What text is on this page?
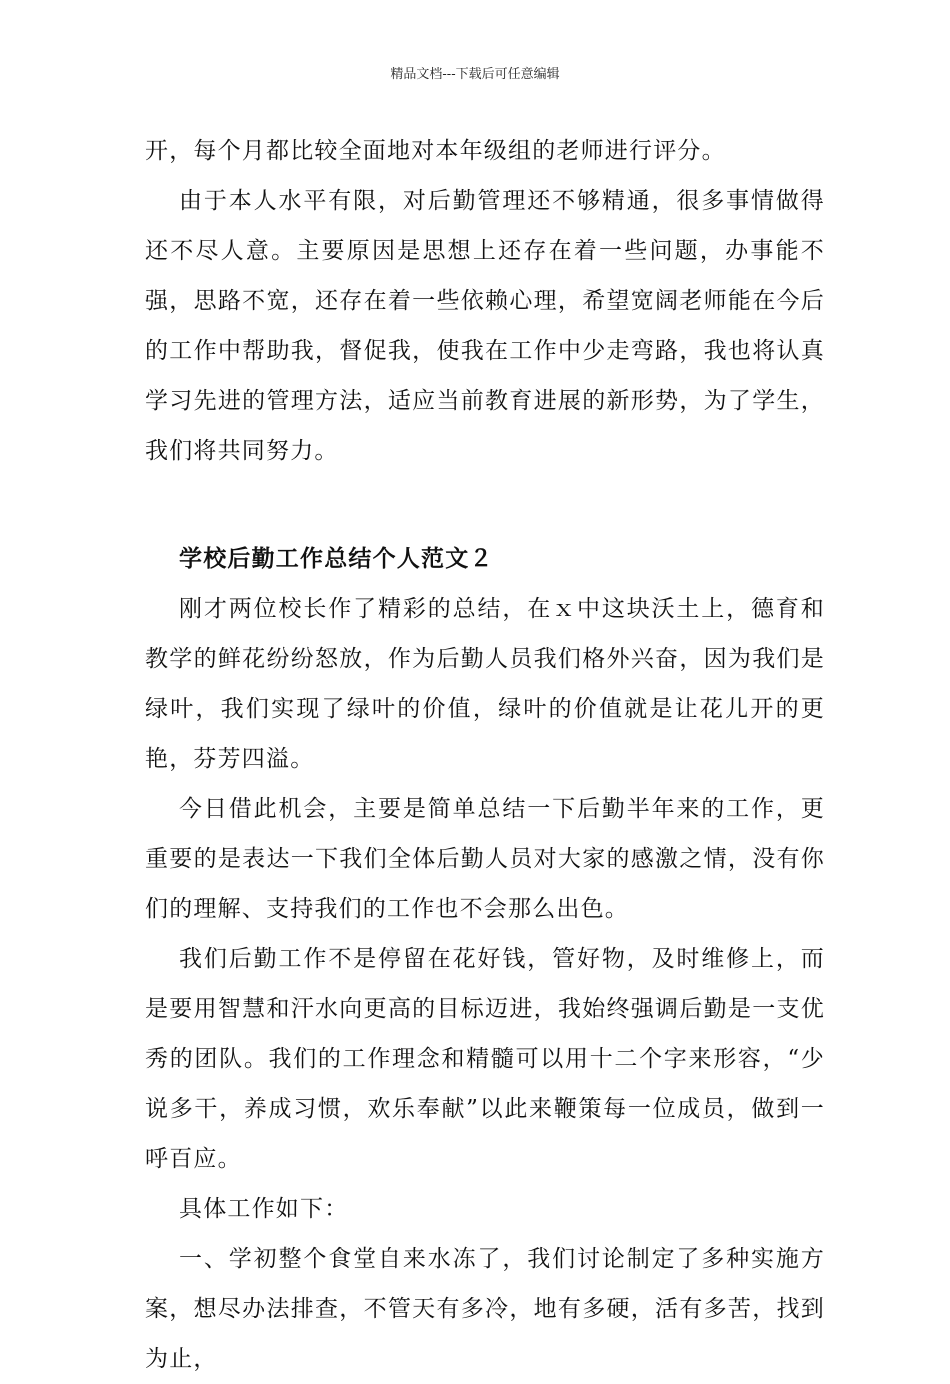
精品文档---下载后可任意编辑

开，每个月都比较全面地对本年级组的老师进行评分。

由于本人水平有限，对后勤管理还不够精通，很多事情做得还不尽人意。主要原因是思想上还存在着一些问题，办事能不强，思路不宽，还存在着一些依赖心理，希望宽阔老师能在今后的工作中帮助我，督促我，使我在工作中少走弯路，我也将认真学习先进的管理方法，适应当前教育进展的新形势，为了学生，我们将共同努力。

学校后勤工作总结个人范文２

刚才两位校长作了精彩的总结，在ｘ中这块沃土上，德育和教学的鲜花纷纷怒放，作为后勤人员我们格外兴奋，因为我们是绿叶，我们实现了绿叶的价值，绿叶的价值就是让花儿开的更艳，芬芳四溢。

今日借此机会，主要是简单总结一下后勤半年来的工作，更重要的是表达一下我们全体后勤人员对大家的感激之情，没有你们的理解、支持我们的工作也不会那么出色。

我们后勤工作不是停留在花好钱，管好物，及时维修上，而是要用智慧和汗水向更高的目标迈进，我始终强调后勤是一支优秀的团队。我们的工作理念和精髓可以用十二个字来形容，“少说多干，养成习惯，欢乐奉献”以此来鞭策每一位成员，做到一呼百应。

具体工作如下：

一、学初整个食堂自来水冻了，我们讨论制定了多种实施方案，想尽办法排查，不管天有多冷，地有多硬，活有多苦，找到为止，
